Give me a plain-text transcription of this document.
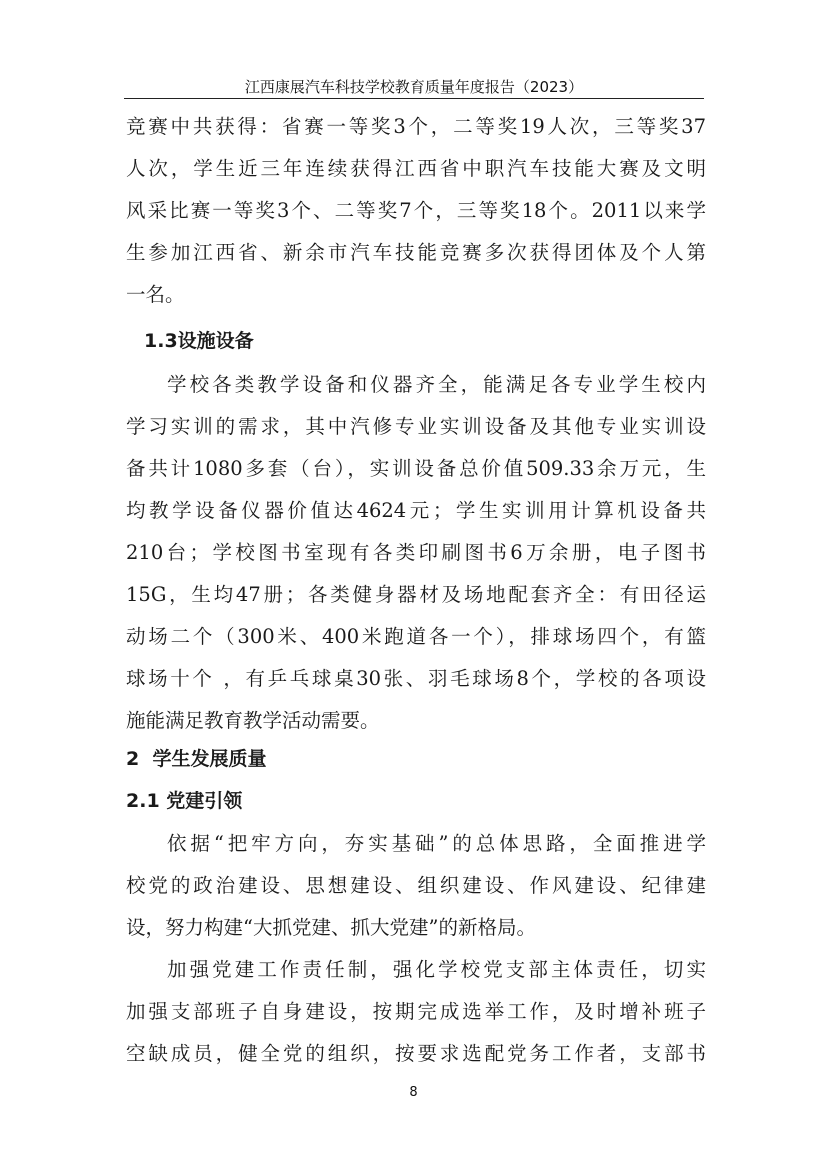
江西康展汽车科技学校教育质量年度报告（2023）
竞赛中共获得：省赛一等奖3个，二等奖19人次，三等奖37
人次，学生近三年连续获得江西省中职汽车技能大赛及文明
风采比赛一等奖3个、二等奖7个，三等奖18个。2011以来学
生参加江西省、新余市汽车技能竞赛多次获得团体及个人第
一名。
1.3设施设备
学校各类教学设备和仪器齐全，能满足各专业学生校内
学习实训的需求，其中汽修专业实训设备及其他专业实训设
备共计1080多套（台），实训设备总价值509.33余万元，生
均教学设备仪器价值达4624元；学生实训用计算机设备共
210台；学校图书室现有各类印刷图书6万余册，电子图书
15G，生均47册；各类健身器材及场地配套齐全：有田径运
动场二个（300米、400米跑道各一个），排球场四个，有篮
球场十个 ，有乒乓球桌30张、羽毛球场8个，学校的各项设
施能满足教育教学活动需要。
2  学生发展质量
2.1 党建引领
依据“把牢方向，夯实基础”的总体思路，全面推进学
校党的政治建设、思想建设、组织建设、作风建设、纪律建
设，努力构建“大抓党建、抓大党建”的新格局。
加强党建工作责任制，强化学校党支部主体责任，切实
加强支部班子自身建设，按期完成选举工作，及时增补班子
空缺成员，健全党的组织，按要求选配党务工作者，支部书
8
